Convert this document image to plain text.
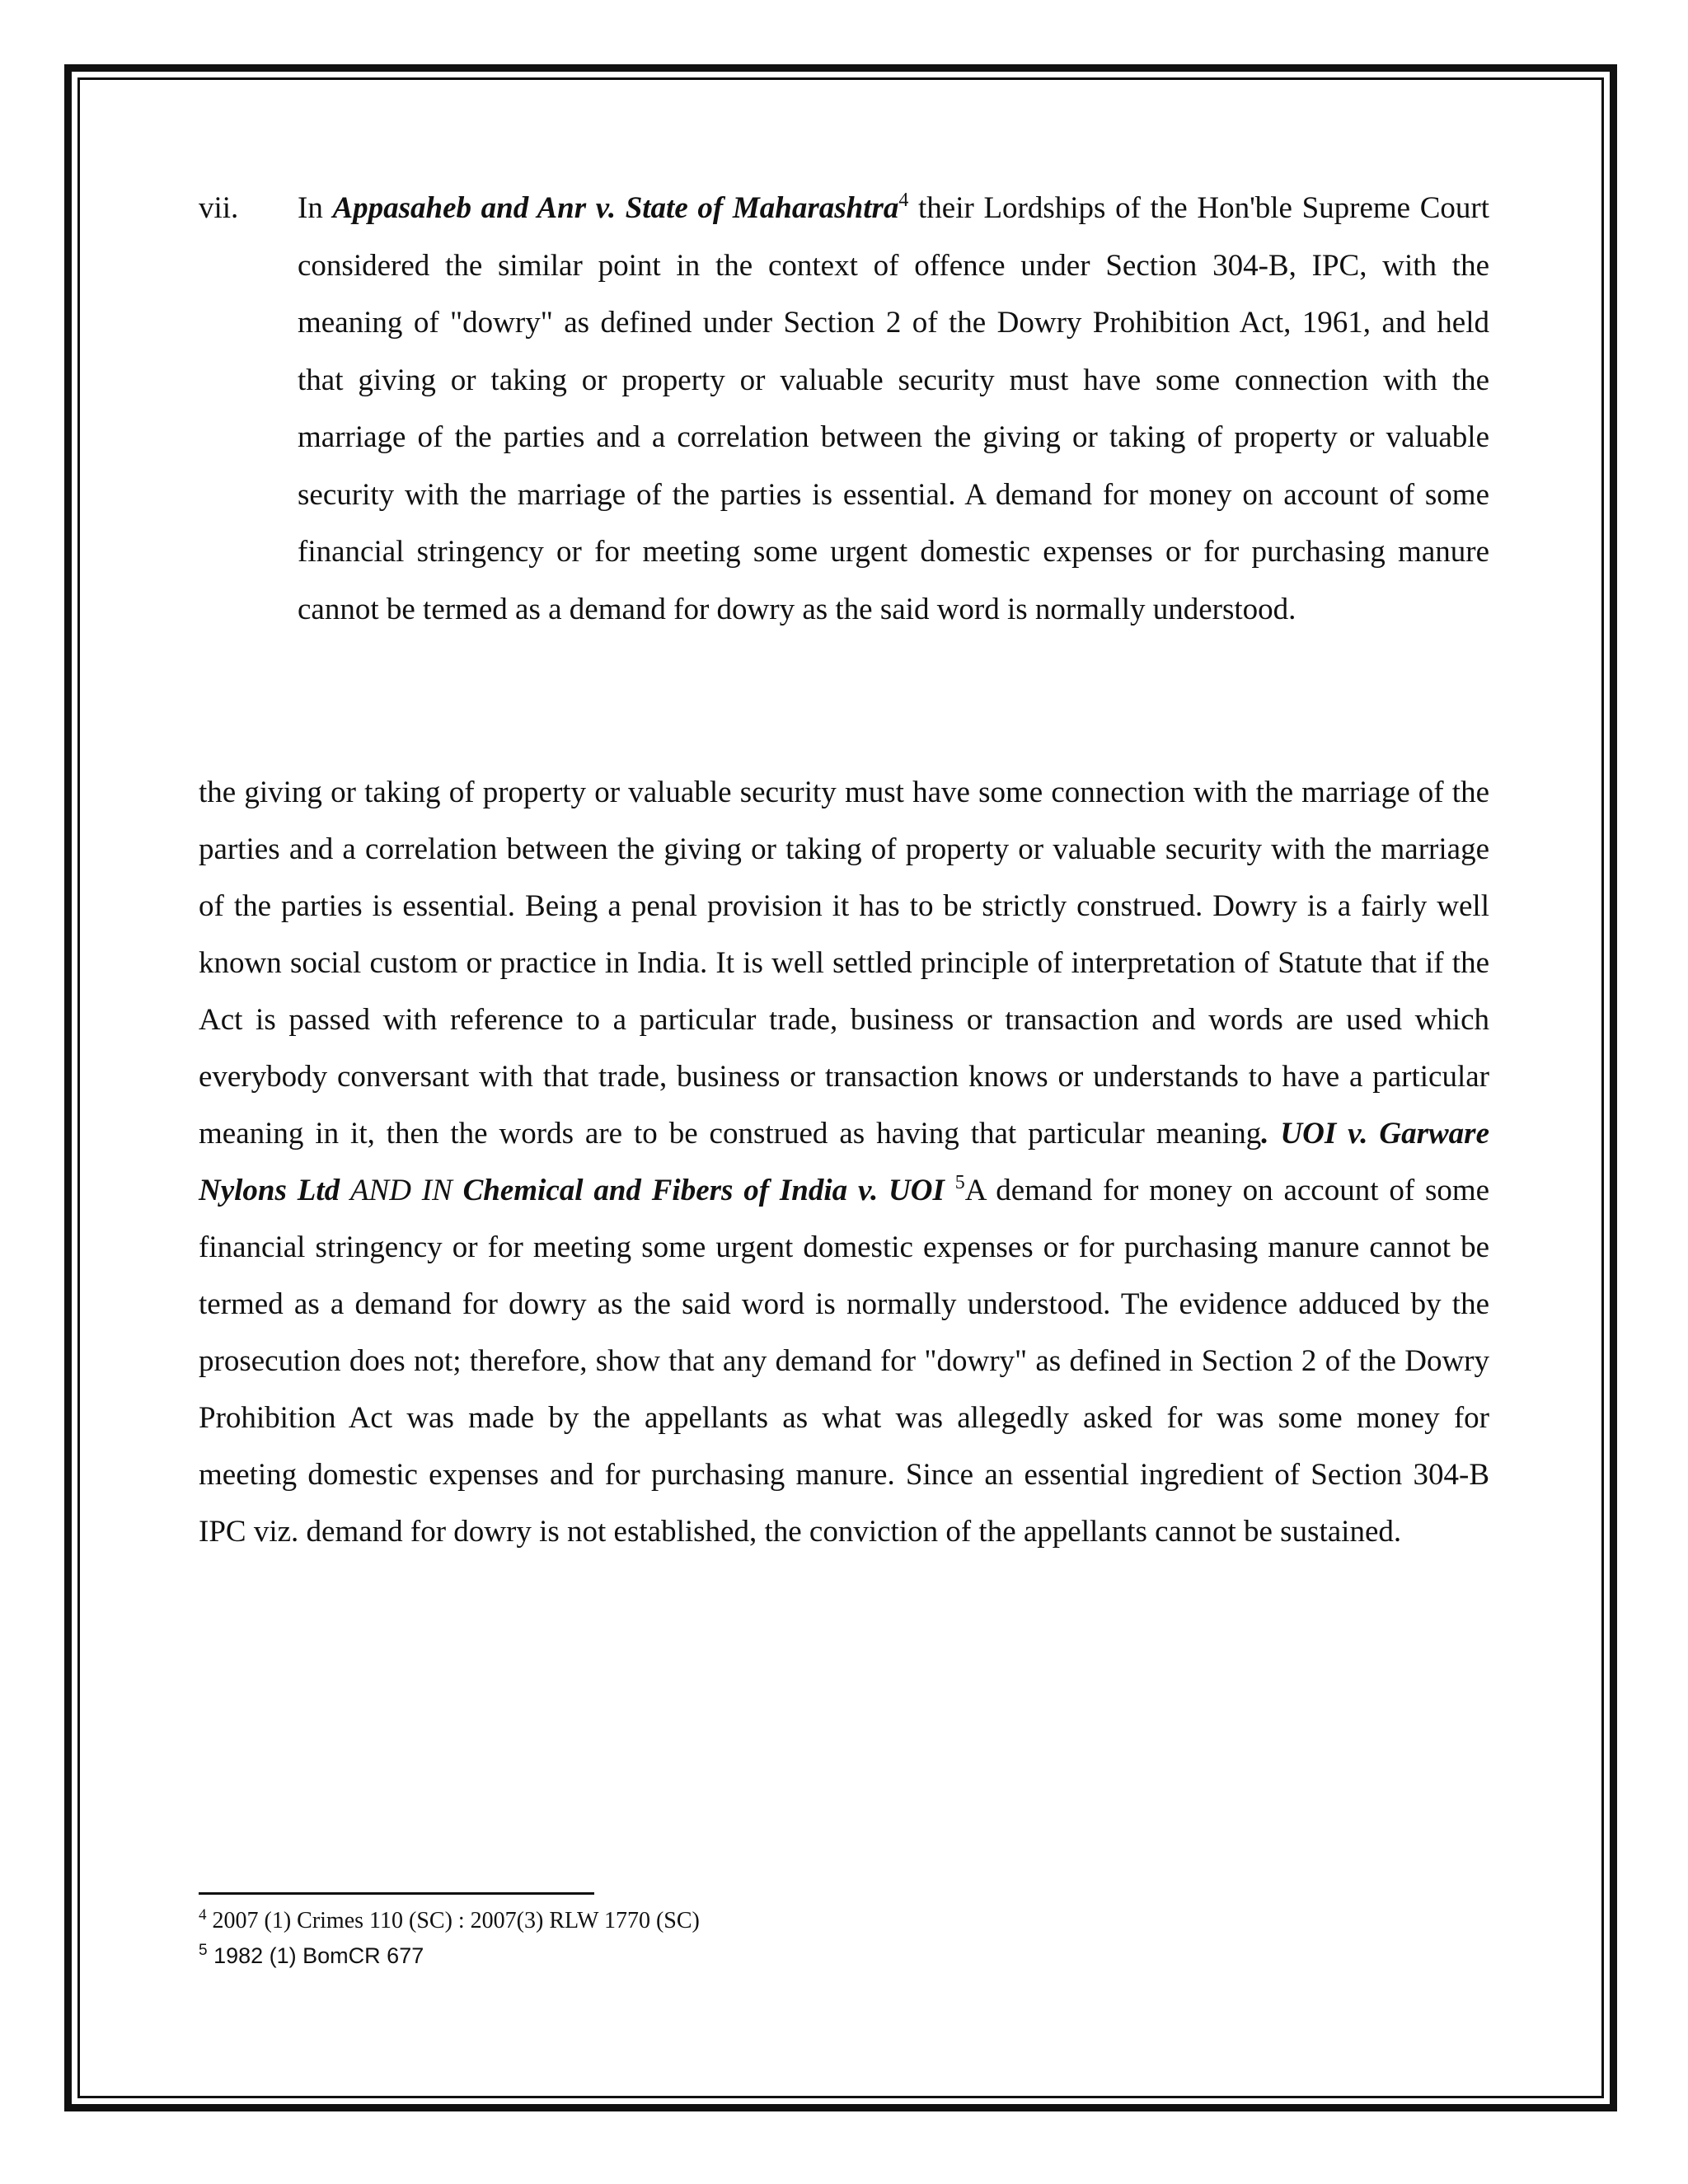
vii. In Appasaheb and Anr v. State of Maharashtra$^4$ their Lordships of the Hon'ble Supreme Court considered the similar point in the context of offence under Section 304-B, IPC, with the meaning of "dowry" as defined under Section 2 of the Dowry Prohibition Act, 1961, and held that giving or taking or property or valuable security must have some connection with the marriage of the parties and a correlation between the giving or taking of property or valuable security with the marriage of the parties is essential. A demand for money on account of some financial stringency or for meeting some urgent domestic expenses or for purchasing manure cannot be termed as a demand for dowry as the said word is normally understood.
the giving or taking of property or valuable security must have some connection with the marriage of the parties and a correlation between the giving or taking of property or valuable security with the marriage of the parties is essential. Being a penal provision it has to be strictly construed. Dowry is a fairly well known social custom or practice in India. It is well settled principle of interpretation of Statute that if the Act is passed with reference to a particular trade, business or transaction and words are used which everybody conversant with that trade, business or transaction knows or understands to have a particular meaning in it, then the words are to be construed as having that particular meaning. UOI v. Garware Nylons Ltd AND IN Chemical and Fibers of India v. UOI $^5$A demand for money on account of some financial stringency or for meeting some urgent domestic expenses or for purchasing manure cannot be termed as a demand for dowry as the said word is normally understood. The evidence adduced by the prosecution does not; therefore, show that any demand for "dowry" as defined in Section 2 of the Dowry Prohibition Act was made by the appellants as what was allegedly asked for was some money for meeting domestic expenses and for purchasing manure. Since an essential ingredient of Section 304-B IPC viz. demand for dowry is not established, the conviction of the appellants cannot be sustained.
$^4$ 2007 (1) Crimes 110 (SC) : 2007(3) RLW 1770 (SC)
$^5$ 1982 (1) BomCR 677
